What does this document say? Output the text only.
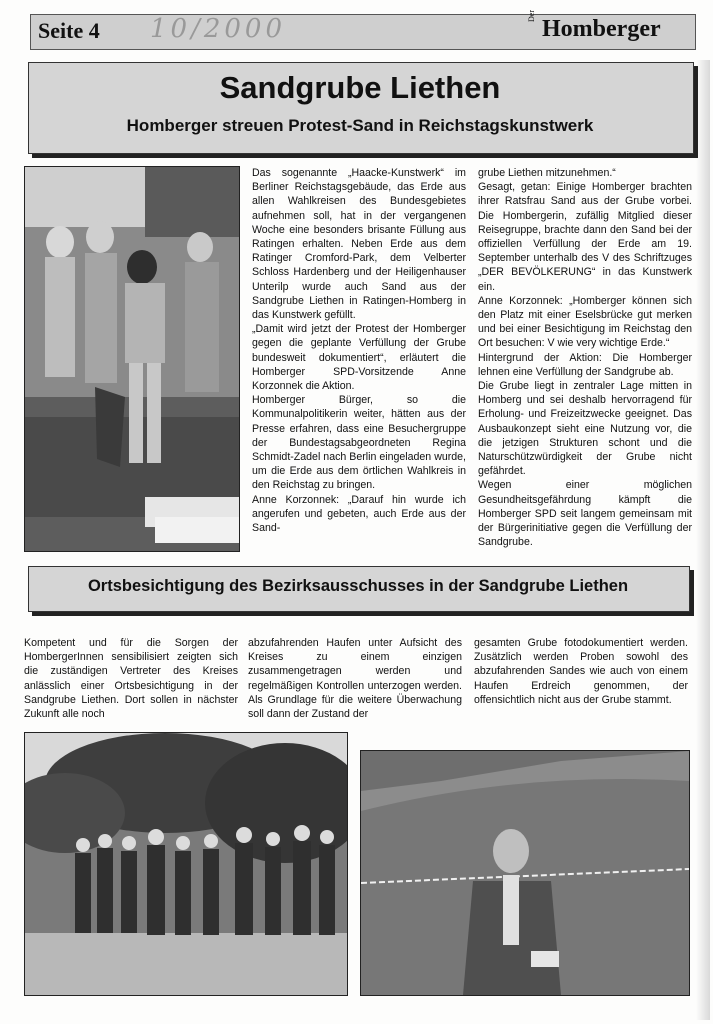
Seite 4 10/2000	Der Homberger
Sandgrube Liethen
Homberger streuen Protest-Sand in Reichstagskunstwerk

Das sogenannte „Haacke-Kunstwerk“ im Berliner Reichstagsgebäude, das Erde aus allen Wahlkreisen des Bundesgebietes aufnehmen soll, hat in der vergangenen Woche eine besonders brisante Füllung aus Ratingen erhalten. Neben Erde aus dem Ratinger Cromford-Park, dem Velberter Schloss Hardenberg und der Heiligenhauser Unterilp wurde auch Sand aus der Sandgrube Liethen in Ratingen-Homberg in das Kunstwerk gefüllt.

„Damit wird jetzt der Protest der Homberger gegen die geplante Verfüllung der Grube bundesweit dokumentiert“, erläutert die Homberger SPD-Vorsitzende Anne Korzonnek die Aktion.

Homberger Bürger, so die Kommunalpolitikerin weiter, hätten aus der Presse erfahren, dass eine Besuchergruppe der Bundestagsabgeordneten Regina Schmidt-Zadel nach Berlin eingeladen wurde, um die Erde aus dem örtlichen Wahlkreis in den Reichstag zu bringen.

Anne Korzonnek: „Darauf hin wurde ich angerufen und gebeten, auch Erde aus der Sand-

grube Liethen mitzunehmen.“

Gesagt, getan: Einige Homberger brachten ihrer Ratsfrau Sand aus der Grube vorbei. Die Hombergerin, zufällig Mitglied dieser Reisegruppe, brachte dann den Sand bei der offiziellen Verfüllung der Erde am 19. September unterhalb des V des Schriftzuges „DER BEVÖLKERUNG“ in das Kunstwerk ein.

Anne Korzonnek: „Homberger können sich den Platz mit einer Eselsbrücke gut merken und bei einer Besichtigung im Reichstag den Ort besuchen: V wie very wichtige Erde.“

Hintergrund der Aktion: Die Homberger lehnen eine Verfüllung der Sandgrube ab.

Die Grube liegt in zentraler Lage mitten in Homberg und sei deshalb hervorragend für Erholung- und Freizeitzwecke geeignet. Das Ausbaukonzept sieht eine Nutzung vor, die die jetzigen Strukturen schont und die Naturschützwürdigkeit der Grube nicht gefährdet.

Wegen einer möglichen Gesundheitsgefährdung kämpft die Homberger SPD seit langem gemeinsam mit der Bürgerinitiative gegen die Verfüllung der Sandgrube.

Ortsbesichtigung des Bezirksausschusses in der Sandgrube Liethen

Kompetent und für die Sorgen der HombergerInnen sensibilisiert zeigten sich die zuständigen Vertreter des Kreises anlässlich einer Ortsbesichtigung in der Sandgrube Liethen. Dort sollen in nächster Zukunft alle noch

abzufahrenden Haufen unter Aufsicht des Kreises zu einem einzigen zusammengetragen werden und regelmäßigen Kontrollen unterzogen werden. Als Grundlage für die weitere Überwachung soll dann der Zustand der

gesamten Grube fotodokumentiert werden. Zusätzlich werden Proben sowohl des abzufahrenden Sandes wie auch von einem Haufen Erdreich genommen, der offensichtlich nicht aus der Grube stammt.
